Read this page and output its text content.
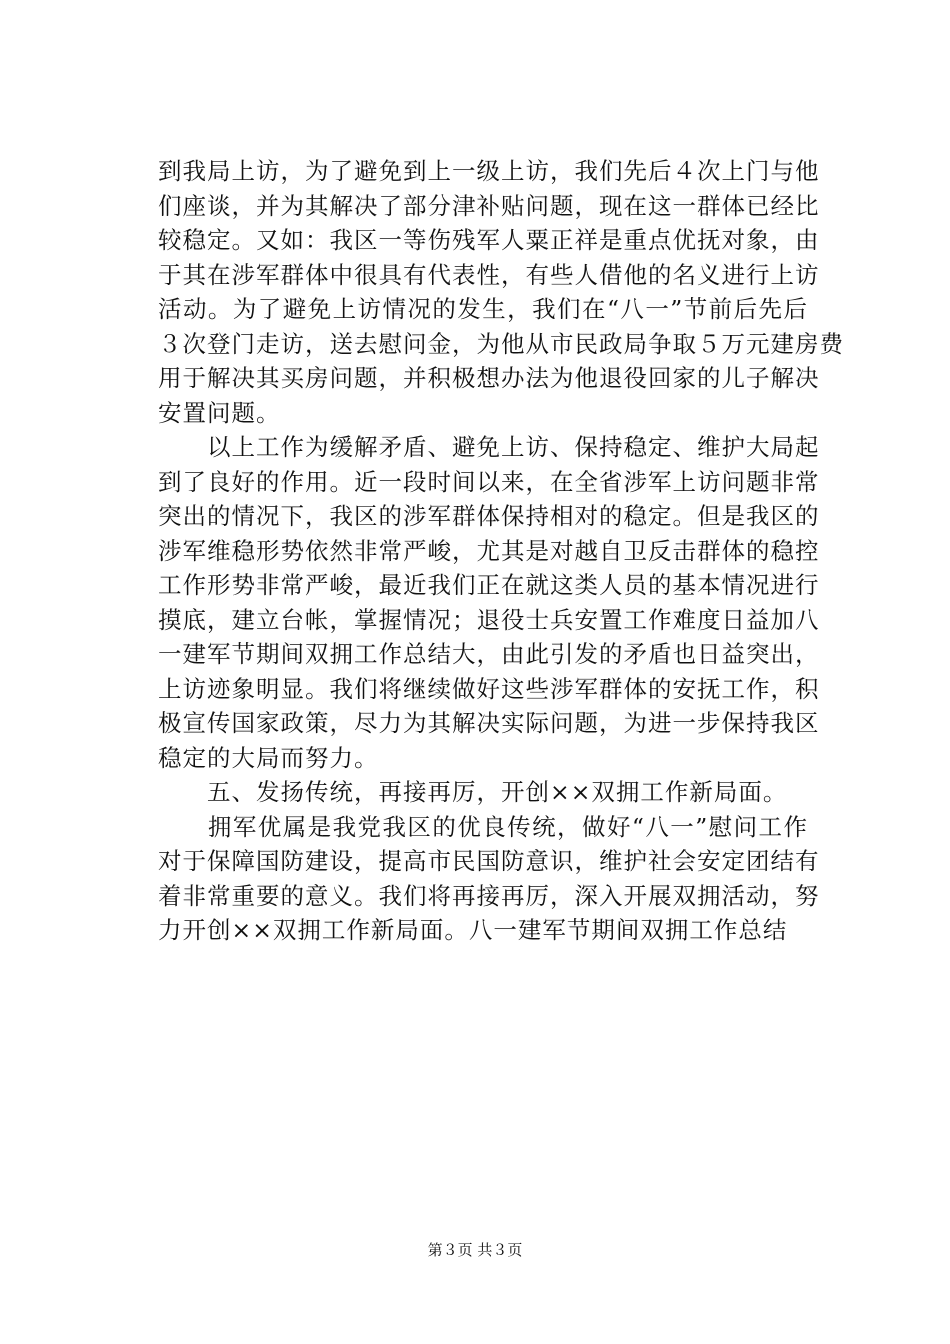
到我局上访，为了避免到上一级上访，我们先后４次上门与他
们座谈，并为其解决了部分津补贴问题，现在这一群体已经比
较稳定。又如：我区一等伤残军人粟正祥是重点优抚对象，由
于其在涉军群体中很具有代表性，有些人借他的名义进行上访
活动。为了避免上访情况的发生，我们在“八一”节前后先后
３次登门走访，送去慰问金，为他从市民政局争取５万元建房费
用于解决其买房问题，并积极想办法为他退役回家的儿子解决
安置问题。
　　以上工作为缓解矛盾、避免上访、保持稳定、维护大局起
到了良好的作用。近一段时间以来，在全省涉军上访问题非常
突出的情况下，我区的涉军群体保持相对的稳定。但是我区的
涉军维稳形势依然非常严峻，尤其是对越自卫反击群体的稳控
工作形势非常严峻，最近我们正在就这类人员的基本情况进行
摸底，建立台帐，掌握情况；退役士兵安置工作难度日益加八
一建军节期间双拥工作总结大，由此引发的矛盾也日益突出，
上访迹象明显。我们将继续做好这些涉军群体的安抚工作，积
极宣传国家政策，尽力为其解决实际问题，为进一步保持我区
稳定的大局而努力。
　　五、发扬传统，再接再厉，开创××双拥工作新局面。
　　拥军优属是我党我区的优良传统，做好“八一”慰问工作
对于保障国防建设，提高市民国防意识，维护社会安定团结有
着非常重要的意义。我们将再接再厉，深入开展双拥活动，努
力开创××双拥工作新局面。八一建军节期间双拥工作总结
第３页 共３页
